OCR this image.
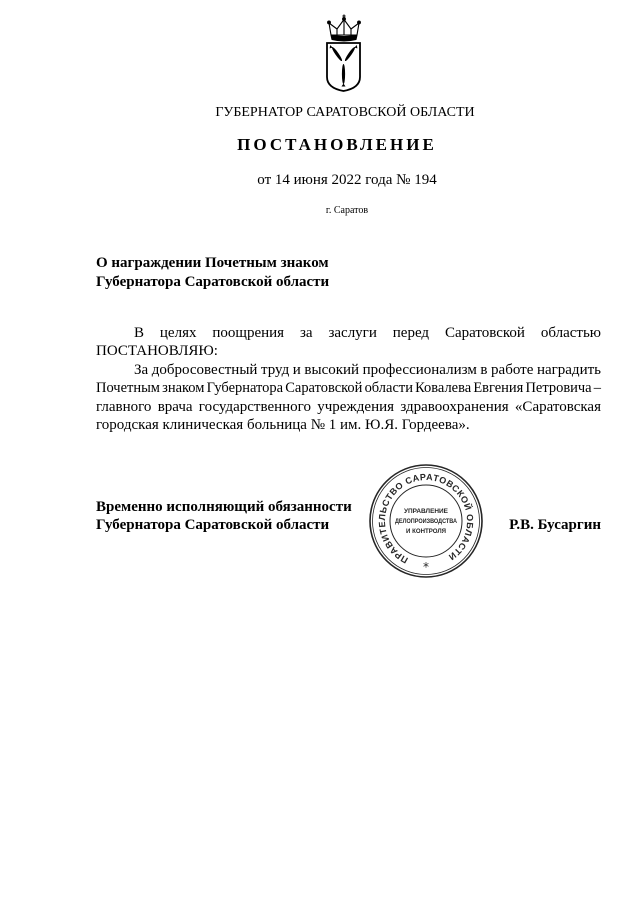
ГУБЕРНАТОР САРАТОВСКОЙ ОБЛАСТИ
ПОСТАНОВЛЕНИЕ
от 14 июня 2022 года № 194
г. Саратов
О награждении Почетным знаком
Губернатора Саратовской области
В целях поощрения за заслуги перед Саратовской областью
ПОСТАНОВЛЯЮ:
За добросовестный труд и высокий профессионализм в работе наградить
Почетным знаком Губернатора Саратовской области Ковалева Евгения Петровича –
главного врача государственного учреждения здравоохранения «Саратовская
городская клиническая больница № 1 им. Ю.Я. Гордеева».
Временно исполняющий обязанности
Губернатора Саратовской области	Р.В. Бусаргин
ПРАВИТЕЛЬСТВО САРАТОВСКОЙ ОБЛАСТИ
УПРАВЛЕНИЕ
ДЕЛОПРОИЗВОДСТВА
И КОНТРОЛЯ
*
